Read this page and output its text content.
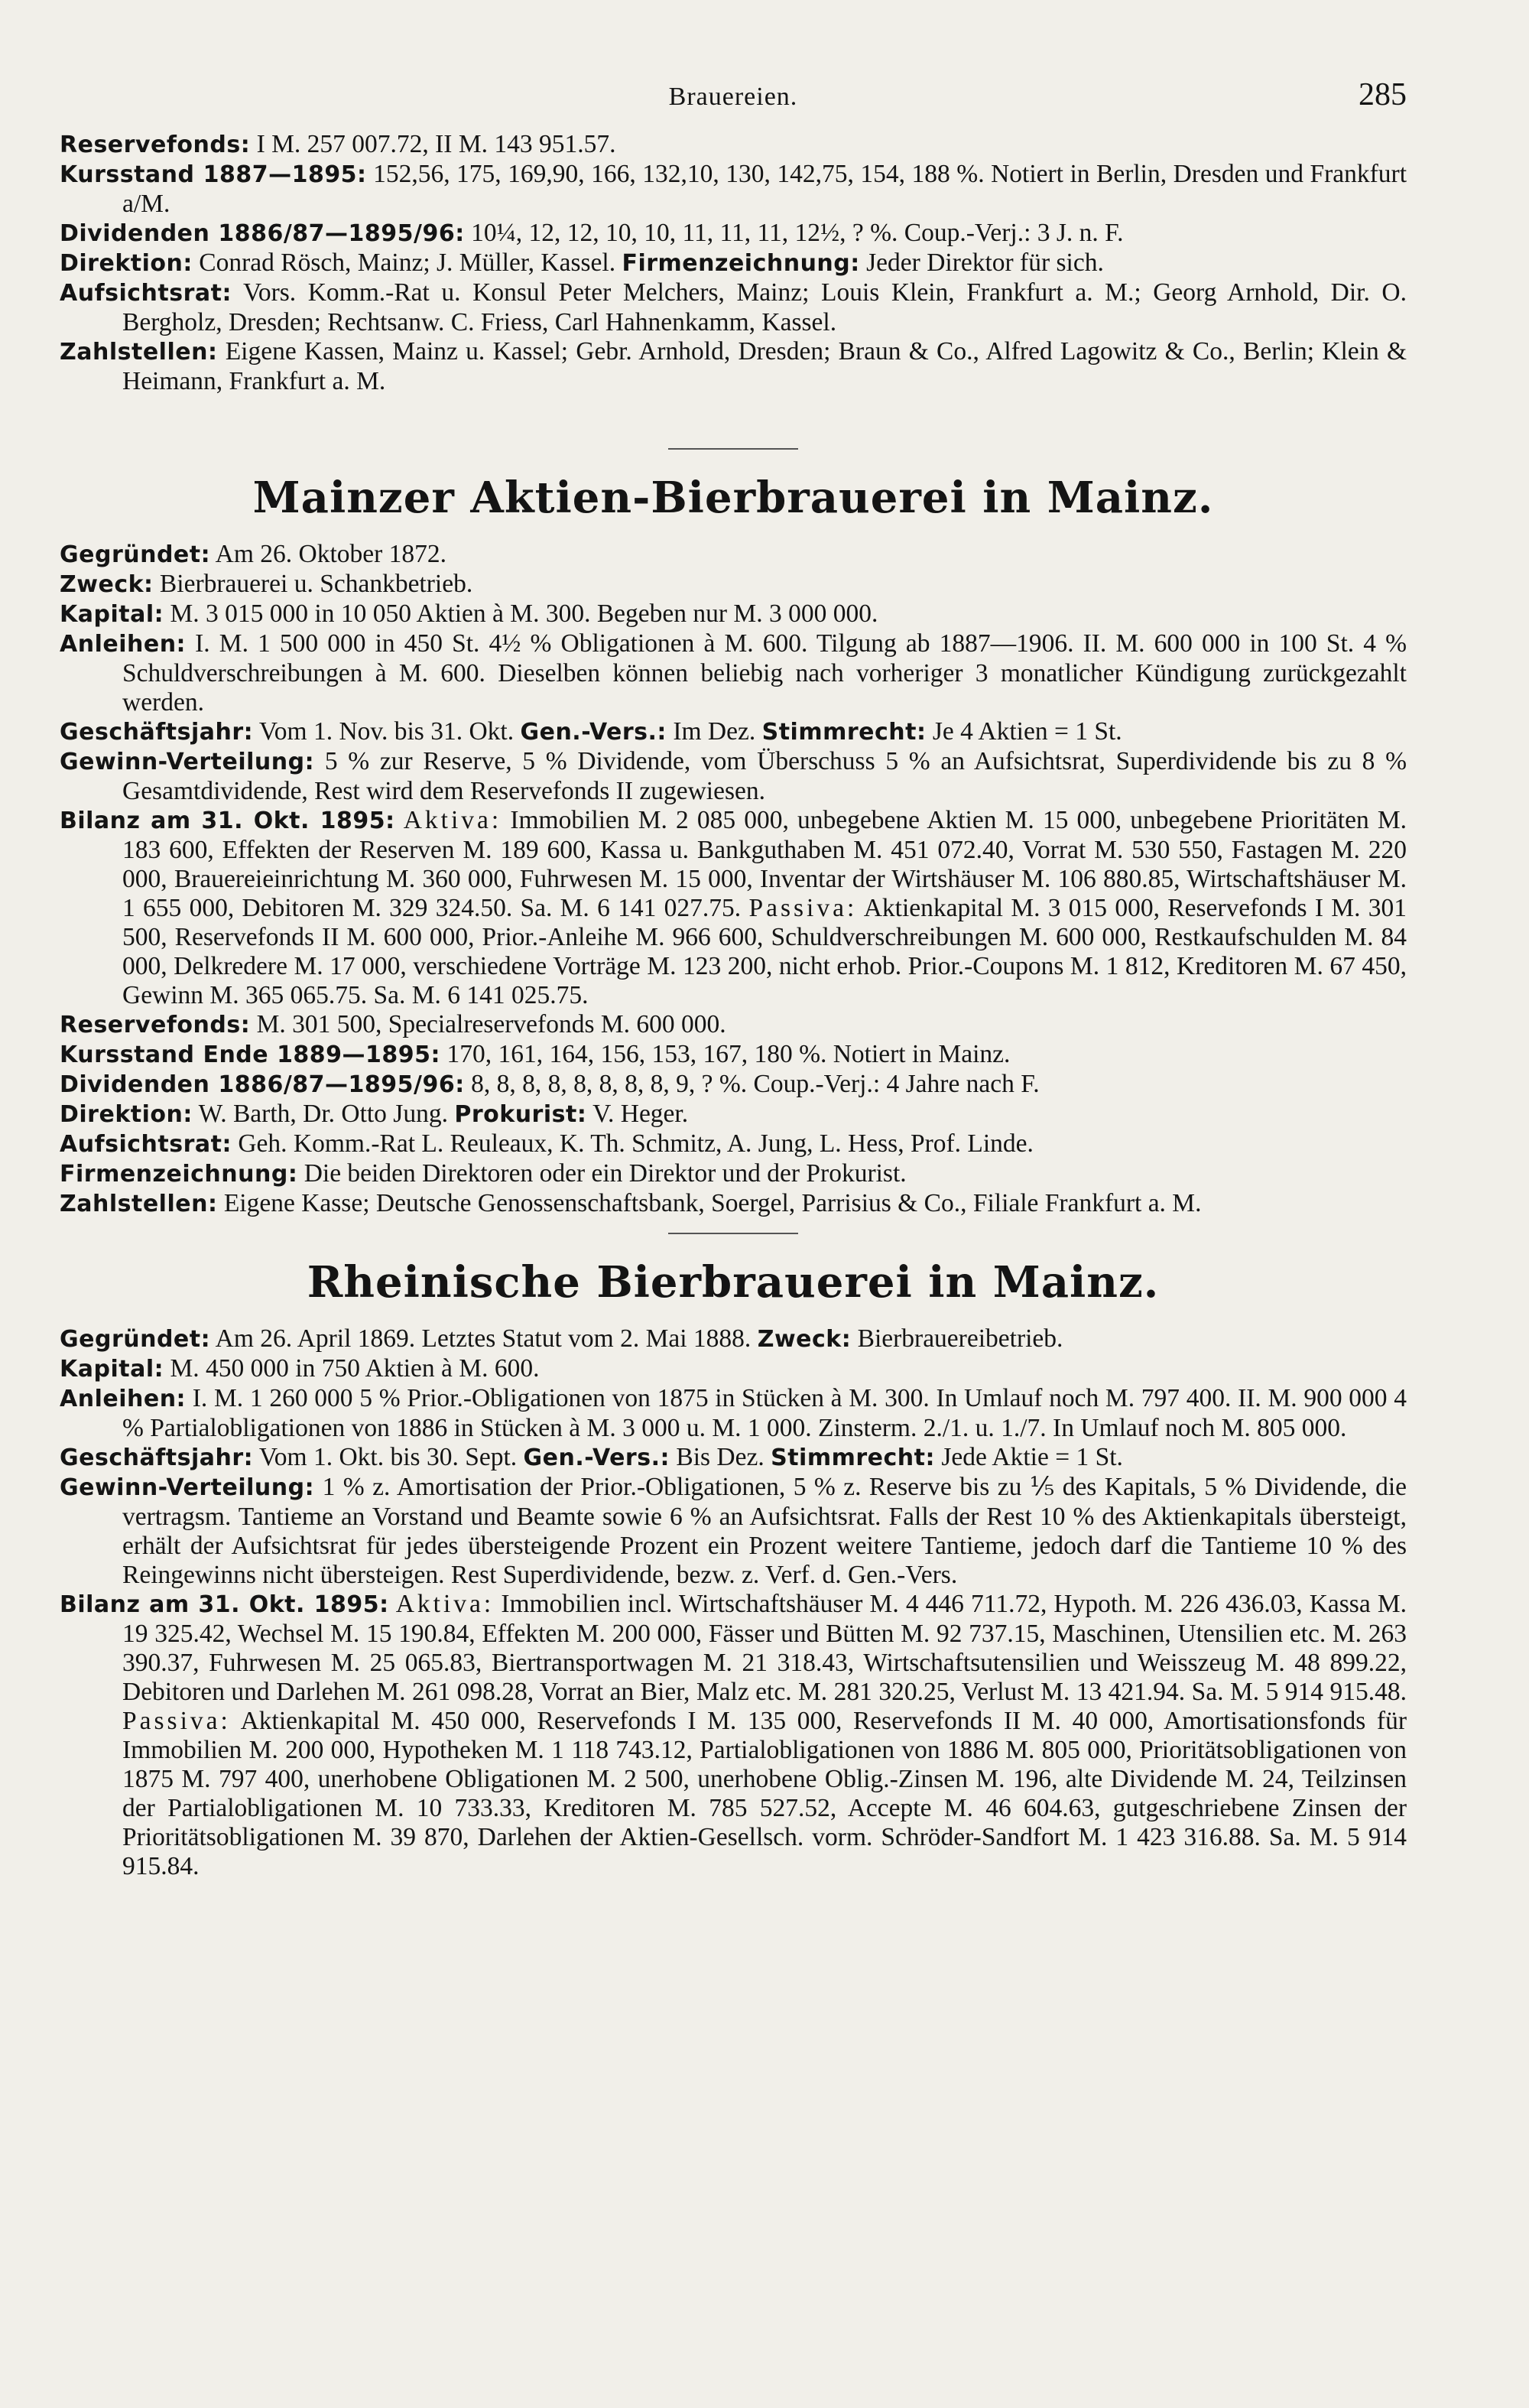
Brauereien.	285

Reservefonds: I M. 257 007.72, II M. 143 951.57.

Kursstand 1887—1895: 152,56, 175, 169,90, 166, 132,10, 130, 142,75, 154, 188 %. Notiert in Berlin, Dresden und Frankfurt a/M.

Dividenden 1886/87—1895/96: 10¼, 12, 12, 10, 10, 11, 11, 11, 12½, ? %. Coup.-Verj.: 3 J. n. F.

Direktion: Conrad Rösch, Mainz; J. Müller, Kassel. Firmenzeichnung: Jeder Direktor für sich.

Aufsichtsrat: Vors. Komm.-Rat u. Konsul Peter Melchers, Mainz; Louis Klein, Frankfurt a. M.; Georg Arnhold, Dir. O. Bergholz, Dresden; Rechtsanw. C. Friess, Carl Hahnenkamm, Kassel.

Zahlstellen: Eigene Kassen, Mainz u. Kassel; Gebr. Arnhold, Dresden; Braun & Co., Alfred Lagowitz & Co., Berlin; Klein & Heimann, Frankfurt a. M.

Mainzer Aktien-Bierbrauerei in Mainz.

Gegründet: Am 26. Oktober 1872.

Zweck: Bierbrauerei u. Schankbetrieb.

Kapital: M. 3 015 000 in 10 050 Aktien à M. 300. Begeben nur M. 3 000 000.

Anleihen: I. M. 1 500 000 in 450 St. 4½ % Obligationen à M. 600. Tilgung ab 1887—1906. II. M. 600 000 in 100 St. 4 % Schuldverschreibungen à M. 600. Dieselben können beliebig nach vorheriger 3 monatlicher Kündigung zurückgezahlt werden.

Geschäftsjahr: Vom 1. Nov. bis 31. Okt. Gen.-Vers.: Im Dez. Stimmrecht: Je 4 Aktien = 1 St.

Gewinn-Verteilung: 5 % zur Reserve, 5 % Dividende, vom Überschuss 5 % an Aufsichtsrat, Superdividende bis zu 8 % Gesamtdividende, Rest wird dem Reservefonds II zugewiesen.

Bilanz am 31. Okt. 1895: Aktiva: Immobilien M. 2 085 000, unbegebene Aktien M. 15 000, unbegebene Prioritäten M. 183 600, Effekten der Reserven M. 189 600, Kassa u. Bankguthaben M. 451 072.40, Vorrat M. 530 550, Fastagen M. 220 000, Brauereieinrichtung M. 360 000, Fuhrwesen M. 15 000, Inventar der Wirtshäuser M. 106 880.85, Wirtschaftshäuser M. 1 655 000, Debitoren M. 329 324.50. Sa. M. 6 141 027.75. Passiva: Aktienkapital M. 3 015 000, Reservefonds I M. 301 500, Reservefonds II M. 600 000, Prior.-Anleihe M. 966 600, Schuldverschreibungen M. 600 000, Restkaufschulden M. 84 000, Delkredere M. 17 000, verschiedene Vorträge M. 123 200, nicht erhob. Prior.-Coupons M. 1 812, Kreditoren M. 67 450, Gewinn M. 365 065.75. Sa. M. 6 141 025.75.

Reservefonds: M. 301 500, Specialreservefonds M. 600 000.

Kursstand Ende 1889—1895: 170, 161, 164, 156, 153, 167, 180 %. Notiert in Mainz.

Dividenden 1886/87—1895/96: 8, 8, 8, 8, 8, 8, 8, 8, 9, ? %. Coup.-Verj.: 4 Jahre nach F.

Direktion: W. Barth, Dr. Otto Jung. Prokurist: V. Heger.

Aufsichtsrat: Geh. Komm.-Rat L. Reuleaux, K. Th. Schmitz, A. Jung, L. Hess, Prof. Linde.

Firmenzeichnung: Die beiden Direktoren oder ein Direktor und der Prokurist.

Zahlstellen: Eigene Kasse; Deutsche Genossenschaftsbank, Soergel, Parrisius & Co., Filiale Frankfurt a. M.

Rheinische Bierbrauerei in Mainz.

Gegründet: Am 26. April 1869. Letztes Statut vom 2. Mai 1888. Zweck: Bierbrauereibetrieb.

Kapital: M. 450 000 in 750 Aktien à M. 600.

Anleihen: I. M. 1 260 000 5 % Prior.-Obligationen von 1875 in Stücken à M. 300. In Umlauf noch M. 797 400. II. M. 900 000 4 % Partialobligationen von 1886 in Stücken à M. 3 000 u. M. 1 000. Zinsterm. 2./1. u. 1./7. In Umlauf noch M. 805 000.

Geschäftsjahr: Vom 1. Okt. bis 30. Sept. Gen.-Vers.: Bis Dez. Stimmrecht: Jede Aktie = 1 St.

Gewinn-Verteilung: 1 % z. Amortisation der Prior.-Obligationen, 5 % z. Reserve bis zu ⅕ des Kapitals, 5 % Dividende, die vertragsm. Tantieme an Vorstand und Beamte sowie 6 % an Aufsichtsrat. Falls der Rest 10 % des Aktienkapitals übersteigt, erhält der Aufsichtsrat für jedes übersteigende Prozent ein Prozent weitere Tantieme, jedoch darf die Tantieme 10 % des Reingewinns nicht übersteigen. Rest Superdividende, bezw. z. Verf. d. Gen.-Vers.

Bilanz am 31. Okt. 1895: Aktiva: Immobilien incl. Wirtschaftshäuser M. 4 446 711.72, Hypoth. M. 226 436.03, Kassa M. 19 325.42, Wechsel M. 15 190.84, Effekten M. 200 000, Fässer und Bütten M. 92 737.15, Maschinen, Utensilien etc. M. 263 390.37, Fuhrwesen M. 25 065.83, Biertransportwagen M. 21 318.43, Wirtschaftsutensilien und Weisszeug M. 48 899.22, Debitoren und Darlehen M. 261 098.28, Vorrat an Bier, Malz etc. M. 281 320.25, Verlust M. 13 421.94. Sa. M. 5 914 915.48. Passiva: Aktienkapital M. 450 000, Reservefonds I M. 135 000, Reservefonds II M. 40 000, Amortisationsfonds für Immobilien M. 200 000, Hypotheken M. 1 118 743.12, Partialobligationen von 1886 M. 805 000, Prioritätsobligationen von 1875 M. 797 400, unerhobene Obligationen M. 2 500, unerhobene Oblig.-Zinsen M. 196, alte Dividende M. 24, Teilzinsen der Partialobligationen M. 10 733.33, Kreditoren M. 785 527.52, Accepte M. 46 604.63, gutgeschriebene Zinsen der Prioritätsobligationen M. 39 870, Darlehen der Aktien-Gesellsch. vorm. Schröder-Sandfort M. 1 423 316.88. Sa. M. 5 914 915.84.
